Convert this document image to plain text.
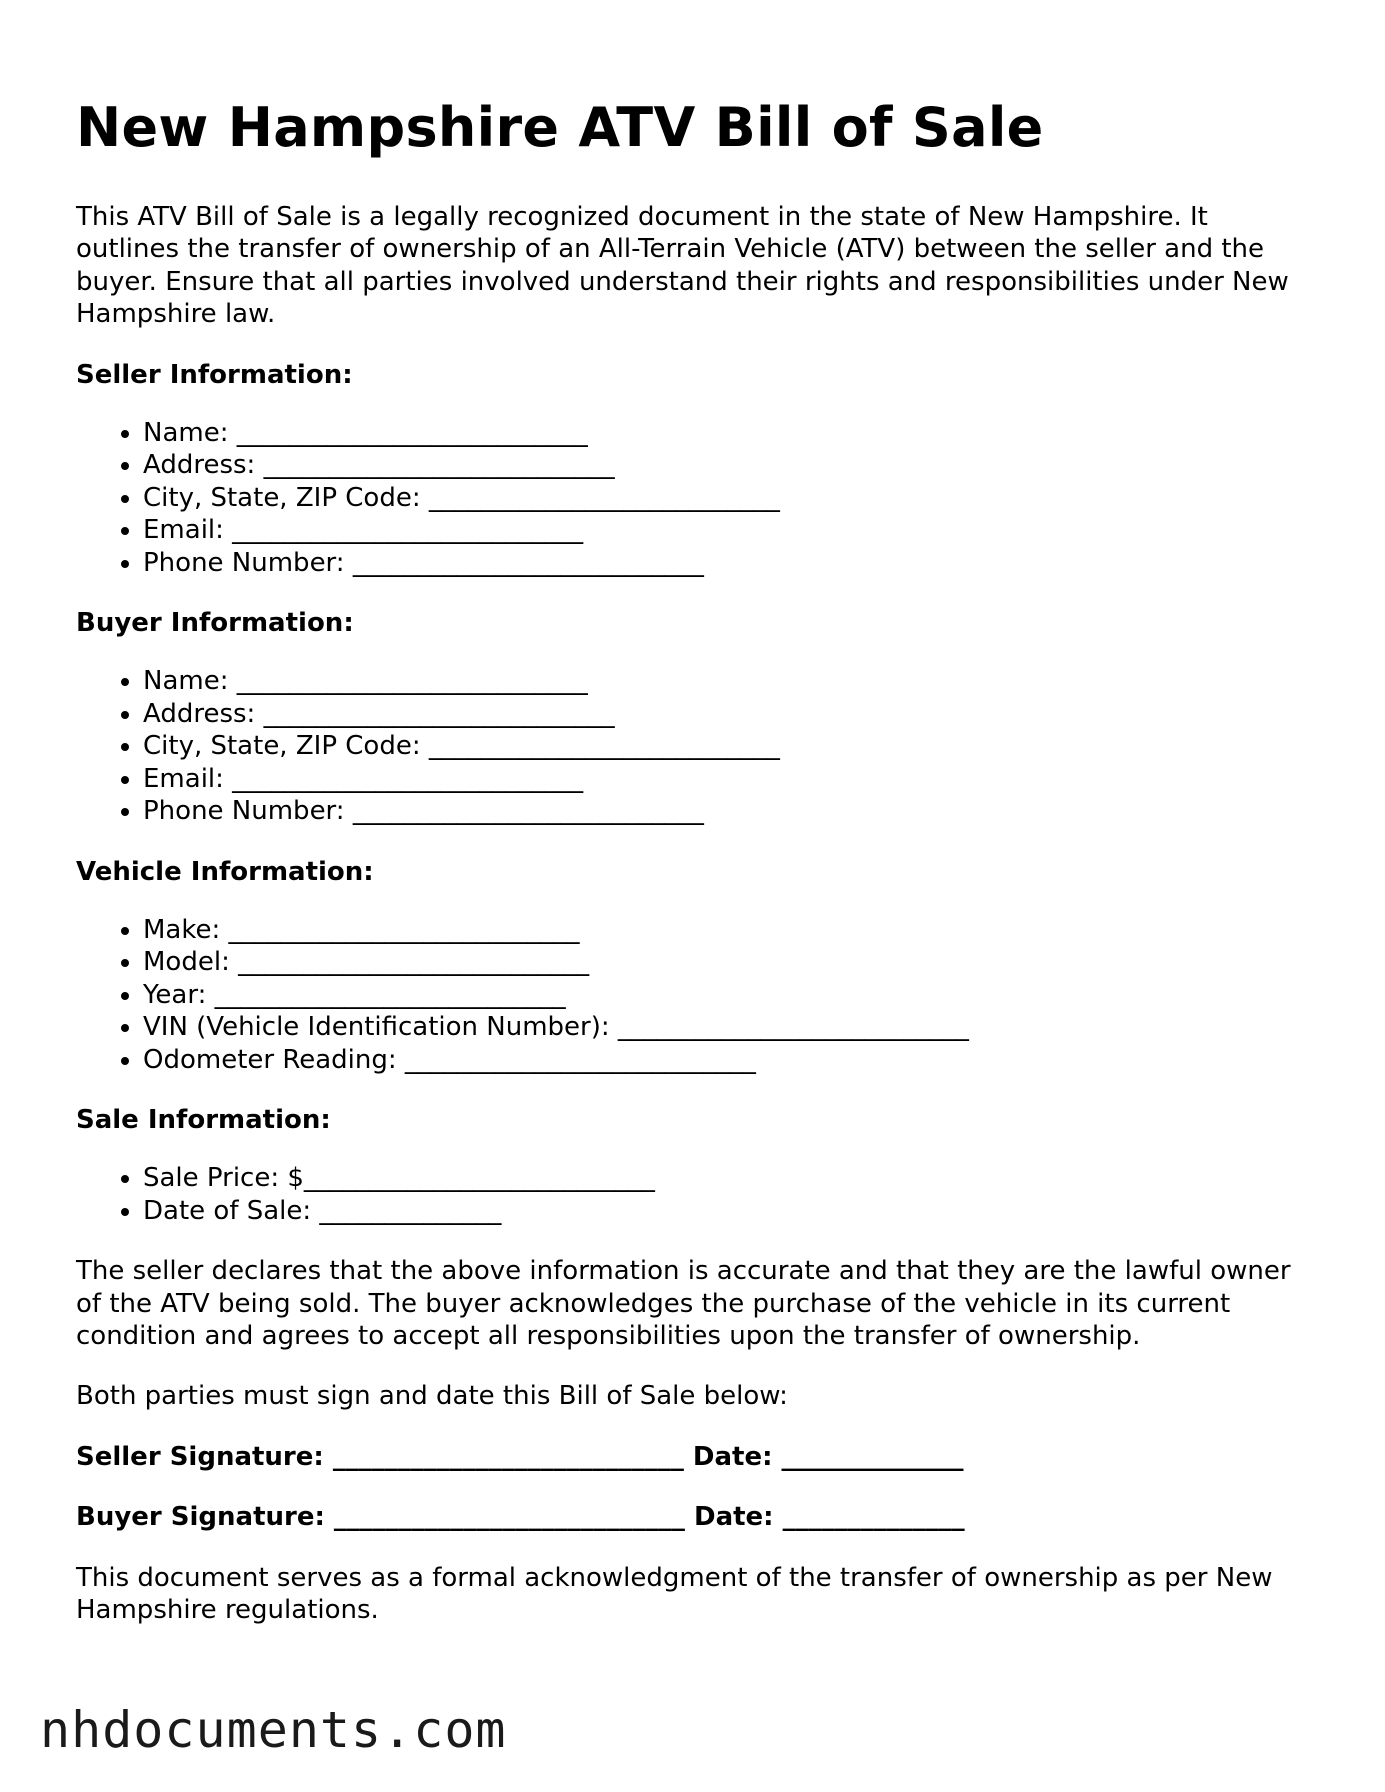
New Hampshire ATV Bill of Sale

This ATV Bill of Sale is a legally recognized document in the state of New Hampshire. It outlines the transfer of ownership of an All-Terrain Vehicle (ATV) between the seller and the buyer. Ensure that all parties involved understand their rights and responsibilities under New Hampshire law.

Seller Information:
• Name: ___________________________
• Address: ___________________________
• City, State, ZIP Code: ___________________________
• Email: ___________________________
• Phone Number: ___________________________
Buyer Information:
• Name: ___________________________
• Address: ___________________________
• City, State, ZIP Code: ___________________________
• Email: ___________________________
• Phone Number: ___________________________
Vehicle Information:
• Make: ___________________________
• Model: ___________________________
• Year: ___________________________
• VIN (Vehicle Identification Number): ___________________________
• Odometer Reading: ___________________________
Sale Information:
• Sale Price: $___________________________
• Date of Sale: ______________

The seller declares that the above information is accurate and that they are the lawful owner of the ATV being sold. The buyer acknowledges the purchase of the vehicle in its current condition and agrees to accept all responsibilities upon the transfer of ownership.

Both parties must sign and date this Bill of Sale below:

Seller Signature: ___________________________ Date: ______________
Buyer Signature: ___________________________ Date: ______________

This document serves as a formal acknowledgment of the transfer of ownership as per New Hampshire regulations.

nhdocuments.com
